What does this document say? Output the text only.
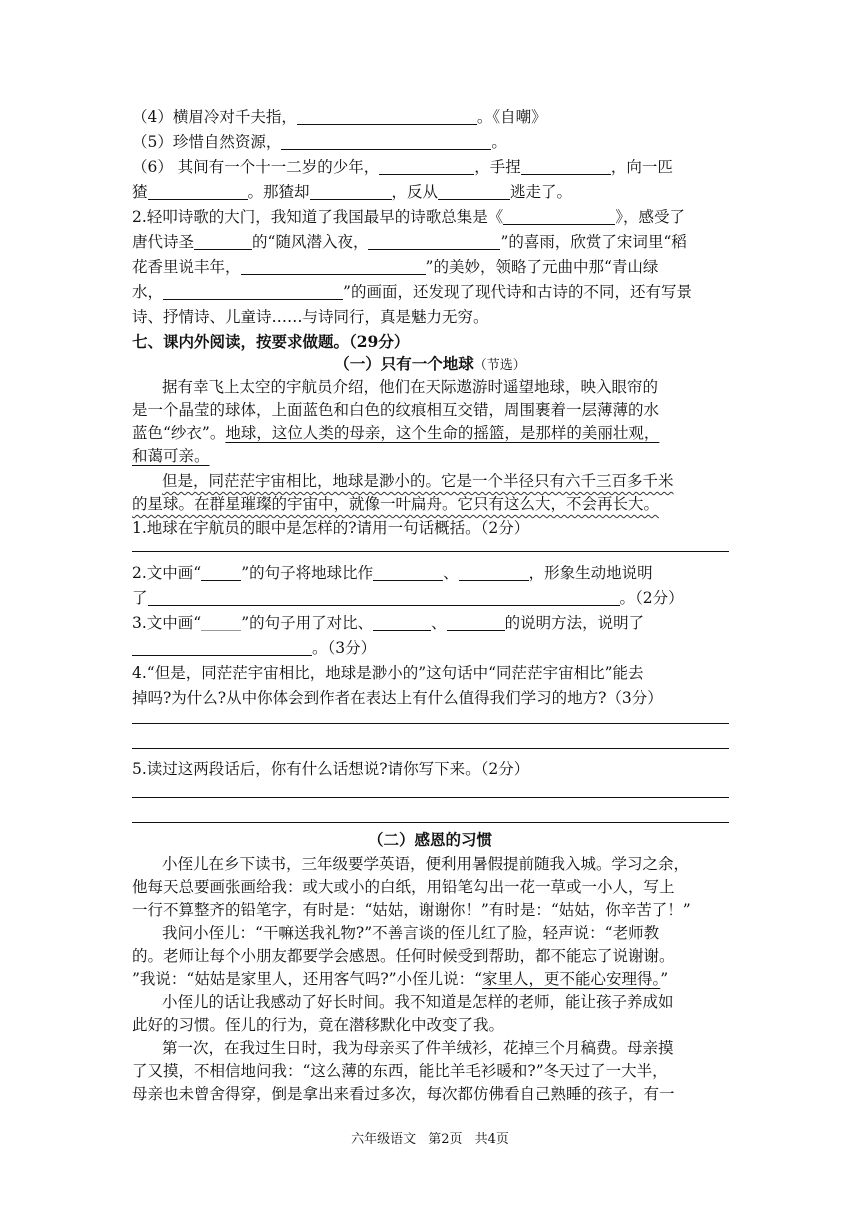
（4）横眉冷对千夫指，	。《自嘲》
（5）珍惜自然资源，	。
（6） 其间有一个十一二岁的少年，	，手捏	，向一匹
猹	。那猹却	，反从	逃走了。
2.轻叩诗歌的大门，我知道了我国最早的诗歌总集是《	》，感受了
唐代诗圣	的“随风潜入夜，	”的喜雨，欣赏了宋词里“稻
花香里说丰年，	”的美妙，领略了元曲中那“青山绿
水，	”的画面，还发现了现代诗和古诗的不同，还有写景
诗、抒情诗、儿童诗……与诗同行，真是魅力无穷。
七、课内外阅读，按要求做题。（29分）
（一）只有一个地球（节选）
据有幸飞上太空的宇航员介绍，他们在天际遨游时遥望地球，映入眼帘的
是一个晶莹的球体，上面蓝色和白色的纹痕相互交错，周围裹着一层薄薄的水
蓝色“纱衣”。地球，这位人类的母亲，这个生命的摇篮，是那样的美丽壮观，
和蔼可亲。
但是，同茫茫宇宙相比，地球是渺小的。它是一个半径只有六千三百多千米
的星球。在群星璀璨的宇宙中，就像一叶扁舟。它只有这么大，不会再长大。
1.地球在宇航员的眼中是怎样的?请用一句话概括。（2分）
2.文中画“	”的句子将地球比作	、	，形象生动地说明
了	。（2分）
3.文中画“	”的句子用了对比、	、	的说明方法，说明了
。（3分）
4.“但是，同茫茫宇宙相比，地球是渺小的”这句话中“同茫茫宇宙相比”能去
掉吗?为什么?从中你体会到作者在表达上有什么值得我们学习的地方?（3分）
5.读过这两段话后，你有什么话想说?请你写下来。（2分）
（二）感恩的习惯
小侄儿在乡下读书，三年级要学英语，便利用暑假提前随我入城。学习之余，
他每天总要画张画给我：或大或小的白纸，用铅笔勾出一花一草或一小人，写上
一行不算整齐的铅笔字，有时是：“姑姑，谢谢你！”有时是：“姑姑，你辛苦了！”
我问小侄儿：“干嘛送我礼物?”不善言谈的侄儿红了脸，轻声说：“老师教
的。老师让每个小朋友都要学会感恩。任何时候受到帮助，都不能忘了说谢谢。
”我说：“姑姑是家里人，还用客气吗?”小侄儿说：“家里人，更不能心安理得。”
小侄儿的话让我感动了好长时间。我不知道是怎样的老师，能让孩子养成如
此好的习惯。侄儿的行为，竟在潜移默化中改变了我。
第一次，在我过生日时，我为母亲买了件羊绒衫，花掉三个月稿费。母亲摸
了又摸，不相信地问我：“这么薄的东西，能比羊毛衫暖和?”冬天过了一大半，
母亲也未曾舍得穿，倒是拿出来看过多次，每次都仿佛看自己熟睡的孩子，有一
六年级语文 第2页 共4页
